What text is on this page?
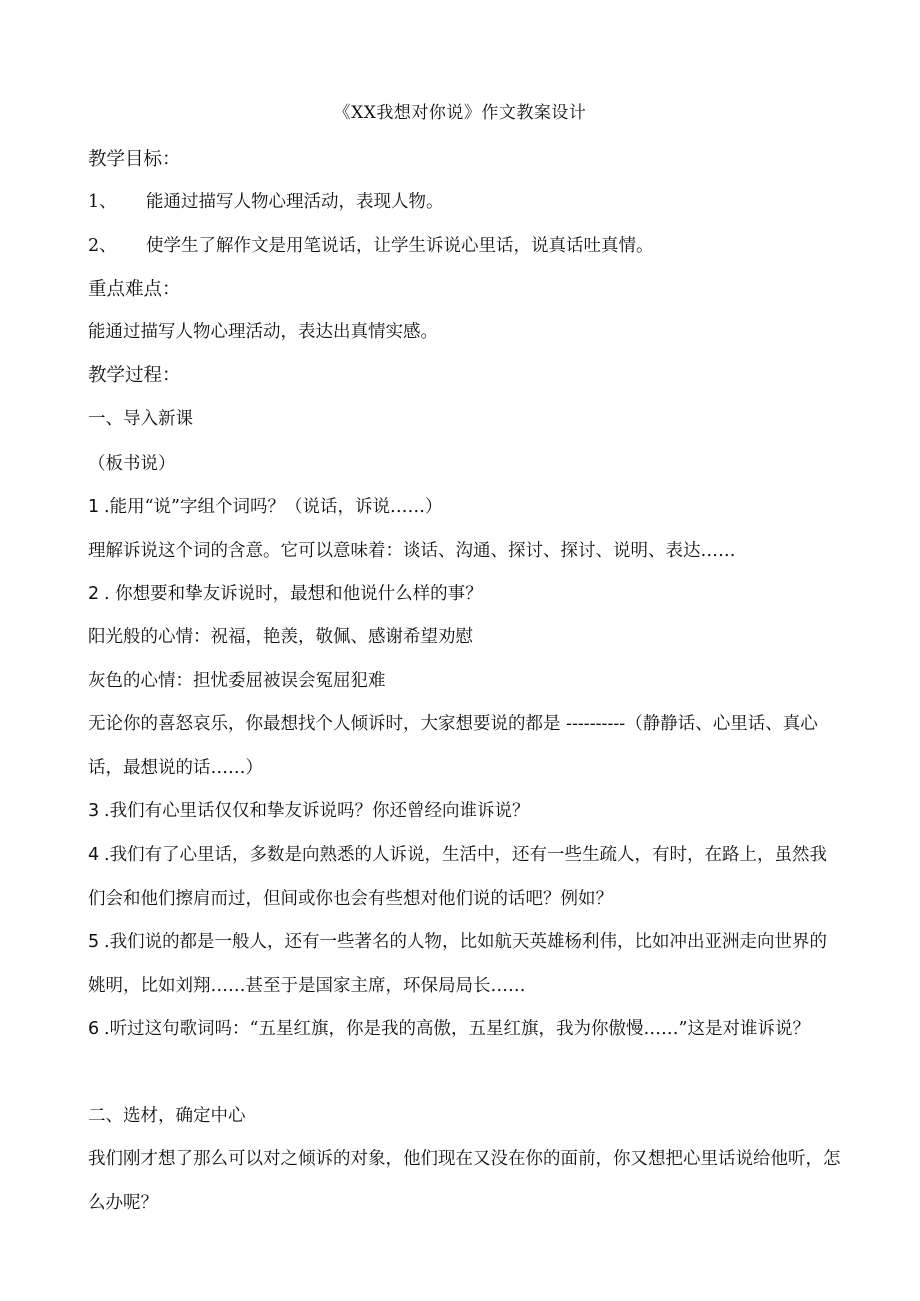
《XX我想对你说》作文教案设计
教学目标：
1、 能通过描写人物心理活动，表现人物。
2、 使学生了解作文是用笔说话，让学生诉说心里话，说真话吐真情。
重点难点：
能通过描写人物心理活动，表达出真情实感。
教学过程：
一、导入新课
（板书说）
1 .能用“说”字组个词吗？（说话，诉说……）
理解诉说这个词的含意。它可以意味着：谈话、沟通、探讨、探讨、说明、表达……
2 . 你想要和挚友诉说时，最想和他说什么样的事？
阳光般的心情：祝福，艳羡，敬佩、感谢希望劝慰
灰色的心情：担忧委屈被误会冤屈犯难
无论你的喜怒哀乐，你最想找个人倾诉时，大家想要说的都是 ----------（静静话、心里话、真心话，最想说的话……）
3 .我们有心里话仅仅和挚友诉说吗？你还曾经向谁诉说？
4 .我们有了心里话，多数是向熟悉的人诉说，生活中，还有一些生疏人，有时，在路上，虽然我们会和他们擦肩而过，但间或你也会有些想对他们说的话吧？例如？
5 .我们说的都是一般人，还有一些著名的人物，比如航天英雄杨利伟，比如冲出亚洲走向世界的姚明，比如刘翔……甚至于是国家主席，环保局局长……
6 .听过这句歌词吗：“五星红旗，你是我的高傲，五星红旗，我为你傲慢……”这是对谁诉说？
二、选材，确定中心
我们刚才想了那么可以对之倾诉的对象，他们现在又没在你的面前，你又想把心里话说给他听，怎么办呢？
